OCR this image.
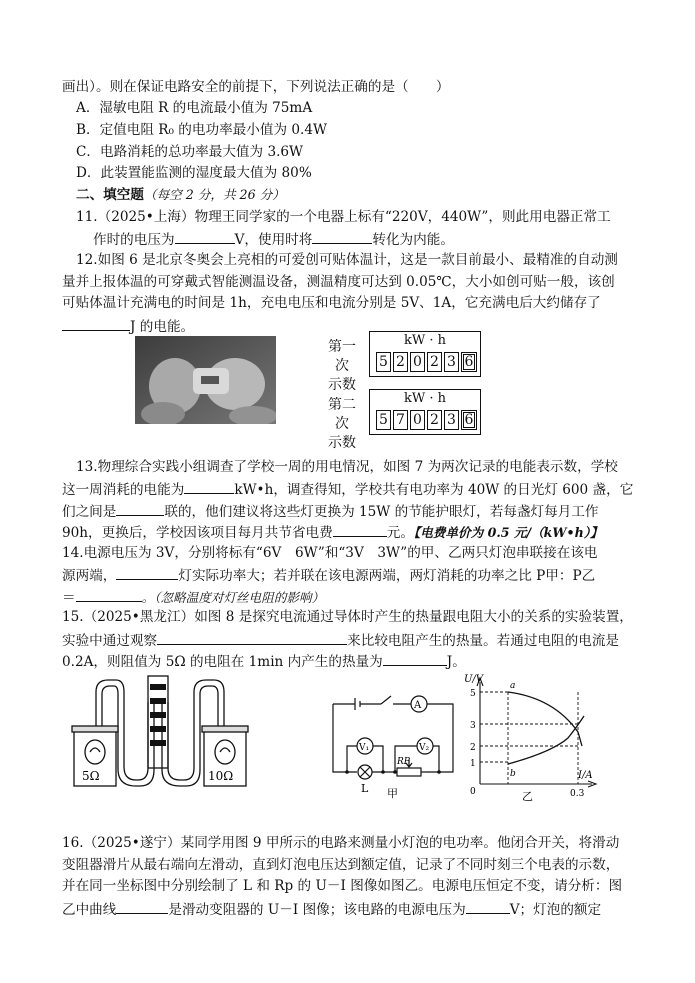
画出）。则在保证电路安全的前提下，下列说法正确的是（　　）
A．湿敏电阻 R 的电流最小值为 75mA
B．定值电阻 R₀ 的电功率最小值为 0.4W
C．电路消耗的总功率最大值为 3.6W
D．此装置能监测的湿度最大值为 80%
二、填空题（每空 2 分，共 26 分）
11.（2025•上海）物理王同学家的一个电器上标有“220V，440W”，则此用电器正常工
作时的电压为	V，使用时将	转化为内能。
12.如图 6 是北京冬奥会上亮相的可爱创可贴体温计，这是一款目前最小、最精准的自动测
量并上报体温的可穿戴式智能测温设备，测温精度可达到 0.05℃，大小如创可贴一般，该创
可贴体温计充满电的时间是 1h，充电电压和电流分别是 5V、1A，它充满电后大约储存了
J 的电能。
第一次
示数
kW · h
5 2 0 2 3 6
第二次
示数
kW · h
5 7 0 2 3 6
13.物理综合实践小组调查了学校一周的用电情况，如图 7 为两次记录的电能表示数，学校
这一周消耗的电能为	kW•h，调查得知，学校共有电功率为 40W 的日光灯 600 盏，它
们之间是	联的，他们建议将这些灯更换为 15W 的节能护眼灯，若每盏灯每月工作
90h，更换后，学校因该项目每月共节省电费	元。【电费单价为 0.5 元/（kW•h）】
14.电源电压为 3V，分别将标有“6V　6W”和“3V　3W”的甲、乙两只灯泡串联接在该电
源两端，	灯实际功率大；若并联在该电源两端，两灯消耗的功率之比 P甲：P乙
＝	。（忽略温度对灯丝电阻的影响）
15.（2025•黑龙江）如图 8 是探究电流通过导体时产生的热量跟电阻大小的关系的实验装置，
实验中通过观察	来比较电阻产生的热量。若通过电阻的电流是
0.2A，则阻值为 5Ω 的电阻在 1min 内产生的热量为	J。
5Ω	10Ω
A
V₁	V₂
RP
L 甲
U/V
I/A
1
2
3
5
0	0.3
a
b
乙
16.（2025•遂宁）某同学用图 9 甲所示的电路来测量小灯泡的电功率。他闭合开关，将滑动
变阻器滑片从最右端向左滑动，直到灯泡电压达到额定值，记录了不同时刻三个电表的示数，
并在同一坐标图中分别绘制了 L 和 Rp 的 U－I 图像如图乙。电源电压恒定不变，请分析：图
乙中曲线	是滑动变阻器的 U－I 图像；该电路的电源电压为	V；灯泡的额定
